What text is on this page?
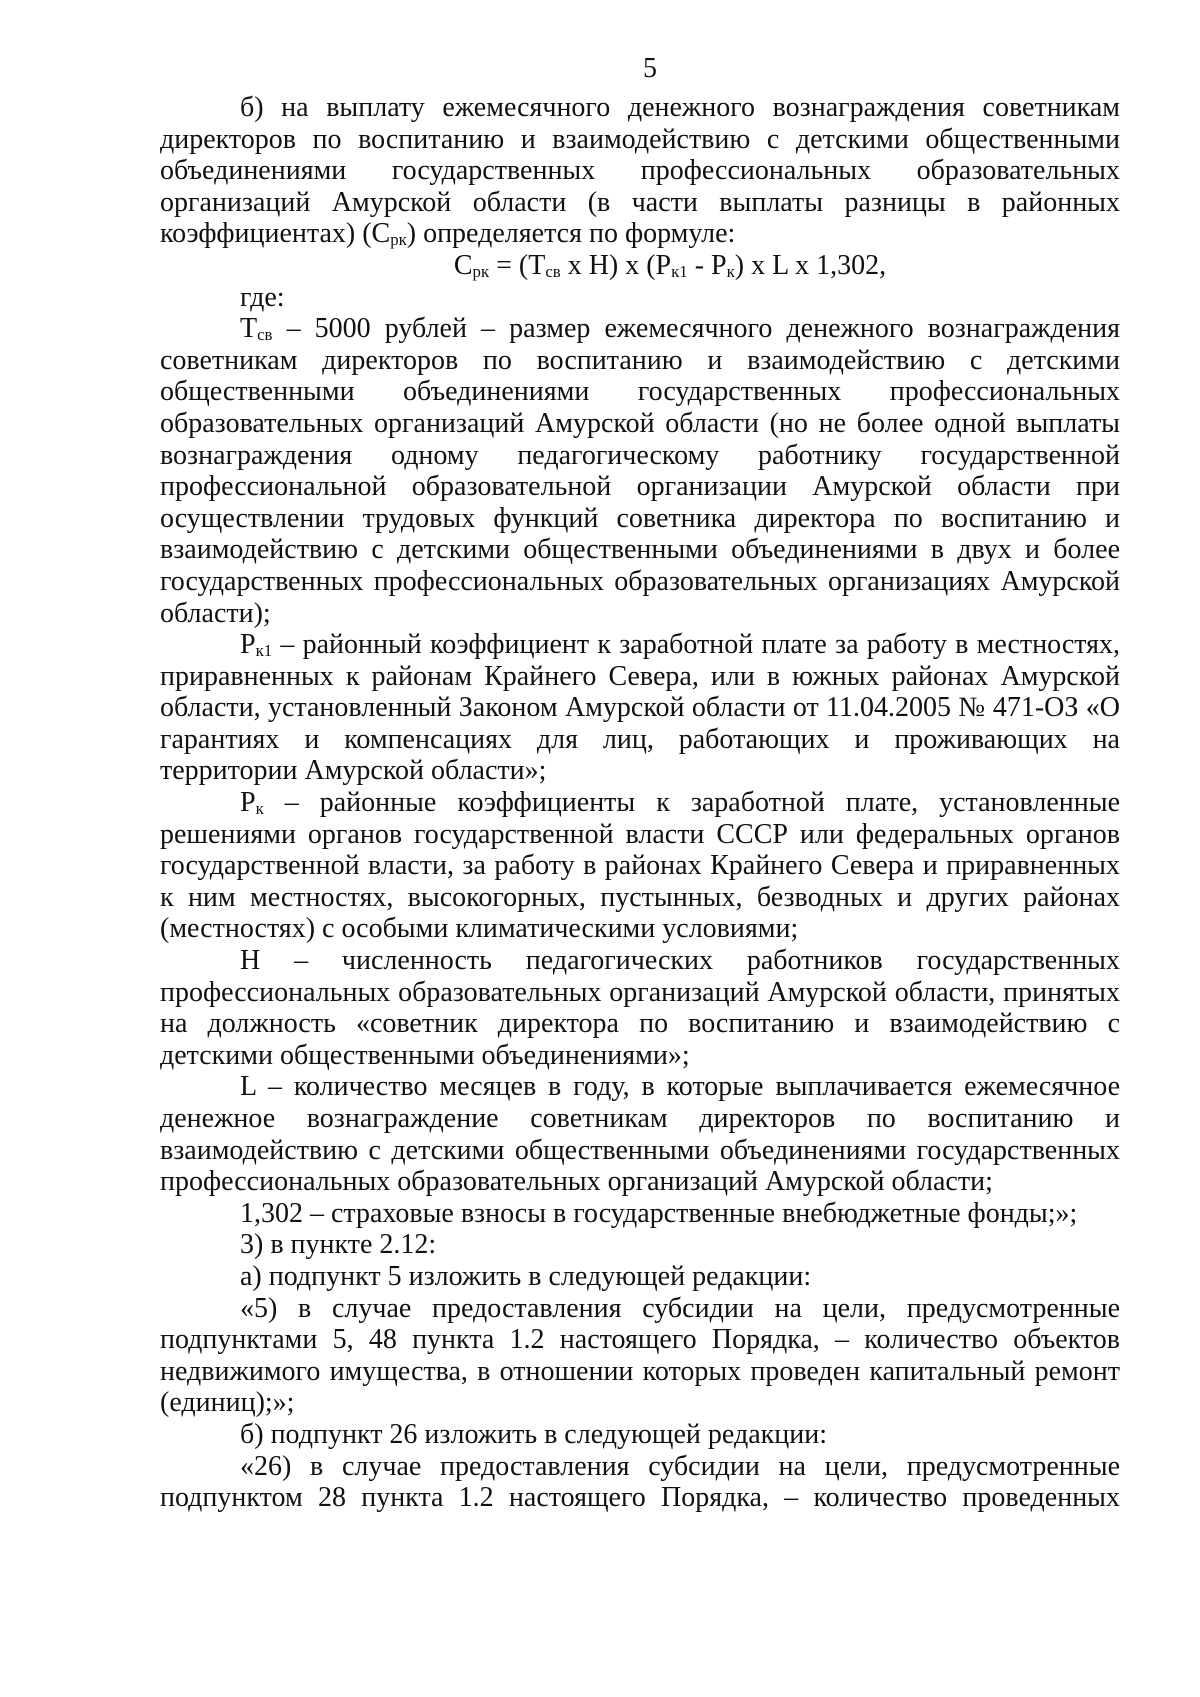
5

б) на выплату ежемесячного денежного вознаграждения советникам директоров по воспитанию и взаимодействию с детскими общественными объединениями государственных профессиональных образовательных организаций Амурской области (в части выплаты разницы в районных коэффициентах) $(С_{рк})$ определяется по формуле:

$С_{рк} = (Т_{св}$ х Н) х $(Р_{к1} - Р_к)$ х L х 1,302,

где:

$Т_{св} - 5000$ рублей – размер ежемесячного денежного вознаграждения советникам директоров по воспитанию и взаимодействию с детскими общественными объединениями государственных профессиональных образовательных организаций Амурской области (но не более одной выплаты вознаграждения одному педагогическому работнику государственной профессиональной образовательной организации Амурской области при осуществлении трудовых функций советника директора по воспитанию и взаимодействию с детскими общественными объединениями в двух и более государственных профессиональных образовательных организациях Амурской области);

$Р_{к1}$ – районный коэффициент к заработной плате за работу в местностях, приравненных к районам Крайнего Севера, или в южных районах Амурской области, установленный Законом Амурской области от 11.04.2005 № 471-ОЗ «О гарантиях и компенсациях для лиц, работающих и проживающих на территории Амурской области»;

$Р_к$ – районные коэффициенты к заработной плате, установленные решениями органов государственной власти СССР или федеральных органов государственной власти, за работу в районах Крайнего Севера и приравненных к ним местностях, высокогорных, пустынных, безводных и других районах (местностях) с особыми климатическими условиями;

Н – численность педагогических работников государственных профессиональных образовательных организаций Амурской области, принятых на должность «советник директора по воспитанию и взаимодействию с детскими общественными объединениями»;

L – количество месяцев в году, в которые выплачивается ежемесячное денежное вознаграждение советникам директоров по воспитанию и взаимодействию с детскими общественными объединениями государственных профессиональных образовательных организаций Амурской области;

1,302 – страховые взносы в государственные внебюджетные фонды;»;

3) в пункте 2.12:

а) подпункт 5 изложить в следующей редакции:

«5) в случае предоставления субсидии на цели, предусмотренные подпунктами 5, 48 пункта 1.2 настоящего Порядка, – количество объектов недвижимого имущества, в отношении которых проведен капитальный ремонт (единиц);»;

б) подпункт 26 изложить в следующей редакции:

«26) в случае предоставления субсидии на цели, предусмотренные подпунктом 28 пункта 1.2 настоящего Порядка, – количество проведенных
